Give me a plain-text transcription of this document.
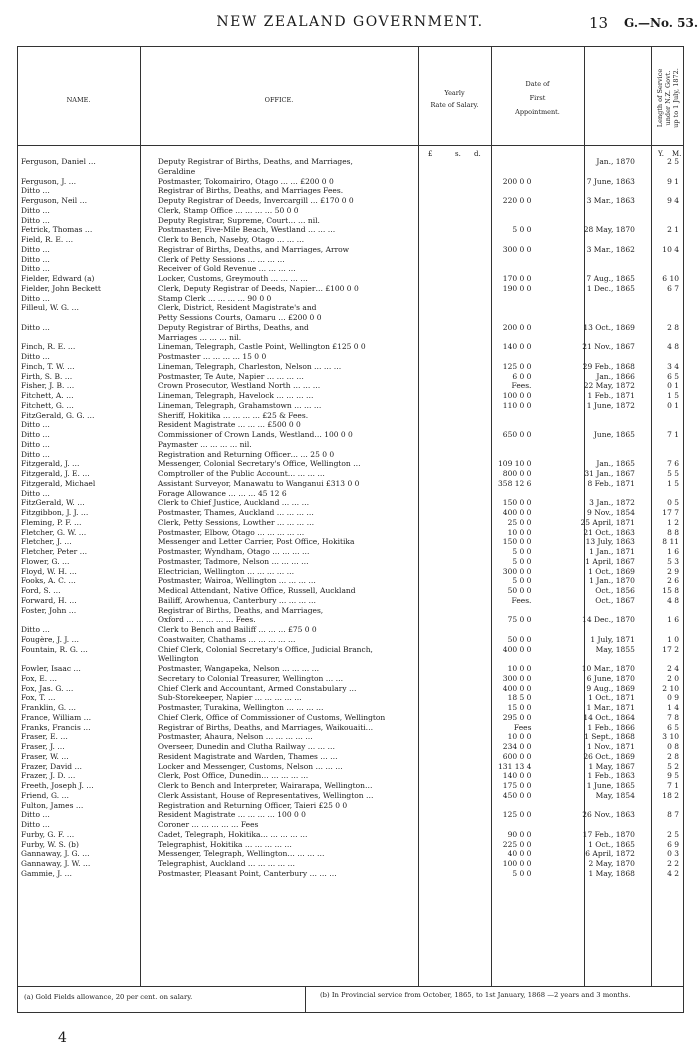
NEW ZEALAND GOVERNMENT.	13 G.—No. 53.
NAME.	OFFICE.
Yearly
Rate of Salary.
Date of
First
Appointment.	Length of Service under N.Z. Govt. up to 1 July, 1872.
£	s. d.	Y. M.
Ferguson, Daniel …	Deputy Registrar of Births, Deaths, and Marriages,		Jan., 1870	2 5
	Geraldine			
Ferguson, J. …	Postmaster, Tokomairiro, Otago … … £200 0 0	200 0 0	7 June, 1863	9 1
Ditto …	Registrar of Births, Deaths, and Marriages Fees.			
Ferguson, Neil …	Deputy Registrar of Deeds, Invercargill … £170 0 0	220 0 0	3 Mar., 1863	9 4
Ditto …	Clerk, Stamp Office … … … … 50 0 0			
Ditto …	Deputy Registrar, Supreme, Court… … nil.			
Fetrick, Thomas …	Postmaster, Five-Mile Beach, Westland … … …	5 0 0	28 May, 1870	2 1
Field, R. E. …	Clerk to Bench, Naseby, Otago … … …			
Ditto …	Registrar of Births, Deaths, and Marriages, Arrow	300 0 0	3 Mar., 1862	10 4
Ditto …	Clerk of Petty Sessions … … … …			
Ditto …	Receiver of Gold Revenue … … … …			
Fielder, Edward (a)	Locker, Customs, Greymouth … … … …	170 0 0	7 Aug., 1865	6 10
Fielder, John Beckett	Clerk, Deputy Registrar of Deeds, Napier… £100 0 0	190 0 0	1 Dec., 1865	6 7
Ditto …	Stamp Clerk … … … … 90 0 0			
Filleul, W. G. …	Clerk, District, Resident Magistrate's and			
	Petty Sessions Courts, Oamaru … £200 0 0			
Ditto …	Deputy Registrar of Births, Deaths, and	200 0 0	13 Oct., 1869	2 8
	Marriages … … … nil.			
Finch, R. E. …	Lineman, Telegraph, Castle Point, Wellington £125 0 0	140 0 0	21 Nov., 1867	4 8
Ditto …	Postmaster … … … … 15 0 0			
Finch, T. W. …	Lineman, Telegraph, Charleston, Nelson … … …	125 0 0	29 Feb., 1868	3 4
Firth, S. B. …	Postmaster, Te Aute, Napier … … … …	6 0 0	Jan., 1866	6 5
Fisher, J. B. …	Crown Prosecutor, Westland North … … …	Fees.	22 May, 1872	0 1
Fitchett, A. …	Lineman, Telegraph, Havelock … … … …	100 0 0	1 Feb., 1871	1 5
Fitchett, G. …	Lineman, Telegraph, Grahamstown … … …	110 0 0	1 June, 1872	0 1
FitzGerald, G. G. …	Sheriff, Hokitika … … … … £25 & Fees.			
Ditto …	Resident Magistrate … … … £500 0 0			
Ditto …	Commissioner of Crown Lands, Westland… 100 0 0	650 0 0	June, 1865	7 1
Ditto …	Paymaster … … … … nil.			
Ditto …	Registration and Returning Officer… … 25 0 0			
Fitzgerald, J. …	Messenger, Colonial Secretary's Office, Wellington …	109 10 0	Jan., 1865	7 6
Fitzgerald, J. E. …	Comptroller of the Public Account… … … …	800 0 0	31 Jan., 1867	5 5
Fitzgerald, Michael	Assistant Surveyor, Manawatu to Wanganui £313 0 0	358 12 6	8 Feb., 1871	1 5
Ditto …	Forage Allowance … … … 45 12 6			
FitzGerald, W. …	Clerk to Chief Justice, Auckland … … …	150 0 0	3 Jan., 1872	0 5
Fitzgibbon, J. J. …	Postmaster, Thames, Auckland … … … …	400 0 0	9 Nov., 1854	17 7
Fleming, P. F. …	Clerk, Petty Sessions, Lowther … … … …	25 0 0	25 April, 1871	1 2
Fletcher, G. W. …	Postmaster, Elbow, Otago … … … … …	10 0 0	21 Oct., 1863	8 8
Fletcher, J. …	Messenger and Letter Carrier, Post Office, Hokitika	150 0 0	13 July, 1863	8 11
Fletcher, Peter …	Postmaster, Wyndham, Otago … … … …	5 0 0	1 Jan., 1871	1 6
Flower, G. …	Postmaster, Tadmore, Nelson … … … …	5 0 0	1 April, 1867	5 3
Floyd, W. H. …	Electrician, Wellington … … … … …	300 0 0	1 Oct., 1869	2 9
Fooks, A. C. …	Postmaster, Wairoa, Wellington … … … …	5 0 0	1 Jan., 1870	2 6
Ford, S. …	Medical Attendant, Native Office, Russell, Auckland	50 0 0	Oct., 1856	15 8
Forward, H. …	Bailiff, Arowhenua, Canterbury … … … …	Fees.	Oct., 1867	4 8
Foster, John …	Registrar of Births, Deaths, and Marriages,			
	Oxford … … … … … Fees.	75 0 0	14 Dec., 1870	1 6
Ditto …	Clerk to Bench and Bailiff … … … £75 0 0			
Fougère, J. J. …	Coastwaiter, Chathams … … … … …	50 0 0	1 July, 1871	1 0
Fountain, R. G. …	Chief Clerk, Colonial Secretary's Office, Judicial Branch,	400 0 0	May, 1855	17 2
	Wellington			
Fowler, Isaac …	Postmaster, Wangapeka, Nelson … … … …	10 0 0	10 Mar., 1870	2 4
Fox, E. …	Secretary to Colonial Treasurer, Wellington … …	300 0 0	6 June, 1870	2 0
Fox, Jas. G. …	Chief Clerk and Accountant, Armed Constabulary …	400 0 0	9 Aug., 1869	2 10
Fox, T. …	Sub-Storekeeper, Napier … … … … …	18 5 0	1 Oct., 1871	0 9
Franklin, G. …	Postmaster, Turakina, Wellington … … … …	15 0 0	1 Mar., 1871	1 4
France, William …	Chief Clerk, Office of Commissioner of Customs, Wellington	295 0 0	14 Oct., 1864	7 8
Franks, Francis …	Registrar of Births, Deaths, and Marriages, Waikouaiti…	Fees	1 Feb., 1866	6 5
Fraser, E. …	Postmaster, Ahaura, Nelson … … … … …	10 0 0	1 Sept., 1868	3 10
Fraser, J. …	Overseer, Dunedin and Clutha Railway … … …	234 0 0	1 Nov., 1871	0 8
Fraser, W. …	Resident Magistrate and Warden, Thames … …	600 0 0	26 Oct., 1869	2 8
Frazer, David …	Locker and Messenger, Customs, Nelson … … …	131 13 4	1 May, 1867	5 2
Frazer, J. D. …	Clerk, Post Office, Dunedin… … … … …	140 0 0	1 Feb., 1863	9 5
Freeth, Joseph J. …	Clerk to Bench and Interpreter, Wairarapa, Wellington…	175 0 0	1 June, 1865	7 1
Friend, G. …	Clerk Assistant, House of Representatives, Wellington …	450 0 0	May, 1854	18 2
Fulton, James …	Registration and Returning Officer, Taieri £25 0 0			
Ditto …	Resident Magistrate … … … … 100 0 0	125 0 0	26 Nov., 1863	8 7
Ditto …	Coroner … … … … … Fees			
Furby, G. F. …	Cadet, Telegraph, Hokitika… … … … …	90 0 0	17 Feb., 1870	2 5
Furby, W. S. (b)	Telegraphist, Hokitika … … … … …	225 0 0	1 Oct., 1865	6 9

Gannaway, J. G. …	Messenger, Telegraph, Wellington… … … …	40 0 0	6 April, 1872	0 3
Gannaway, J. W. …	Telegraphist, Auckland … … … … …	100 0 0	2 May, 1870	2 2
Gammie, J. …	Postmaster, Pleasant Point, Canterbury … … …	5 0 0	1 May, 1868	4 2
(a) Gold Fields allowance, 20 per cent. on salary.	(b) In Provincial service from October, 1865, to 1st January, 1868 —2 years and 3 months.
4
